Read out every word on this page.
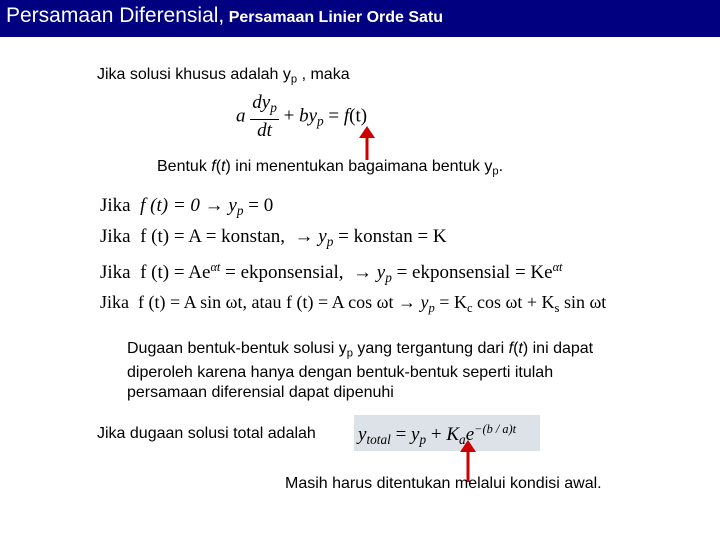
Persamaan Diferensial, Persamaan Linier Orde Satu
Jika solusi khusus adalah $y_p$ , maka
a $\frac{dy_p}{dt} + by_p = f(t)$
Bentuk f(t) ini menentukan bagaimana bentuk $y_p$.
Jika f $(t) = 0 \to y_p = 0$
Jika f (t) = A = konstan, → $y_p$ = konstan = K
Jika f $(t) = Ae^{\alpha t}$ = ekponsensial, → $y_p$ = ekponsensial = $Ke^{\alpha t}$
Jika f (t) = A sin ωt, atau f (t) = A $\cos \omega t \to y_p = K_c$ $\cos \omega t + K_s$ sin ωt
Dugaan bentuk-bentuk solusi $y_p$ yang tergantung dari f(t) ini dapat diperoleh karena hanya dengan bentuk-bentuk seperti itulah persamaan diferensial dapat dipenuhi
Jika dugaan solusi total adalah $y_{total} = y_p + K_ae^{-(b / a)t}$
Masih harus ditentukan melalui kondisi awal.
